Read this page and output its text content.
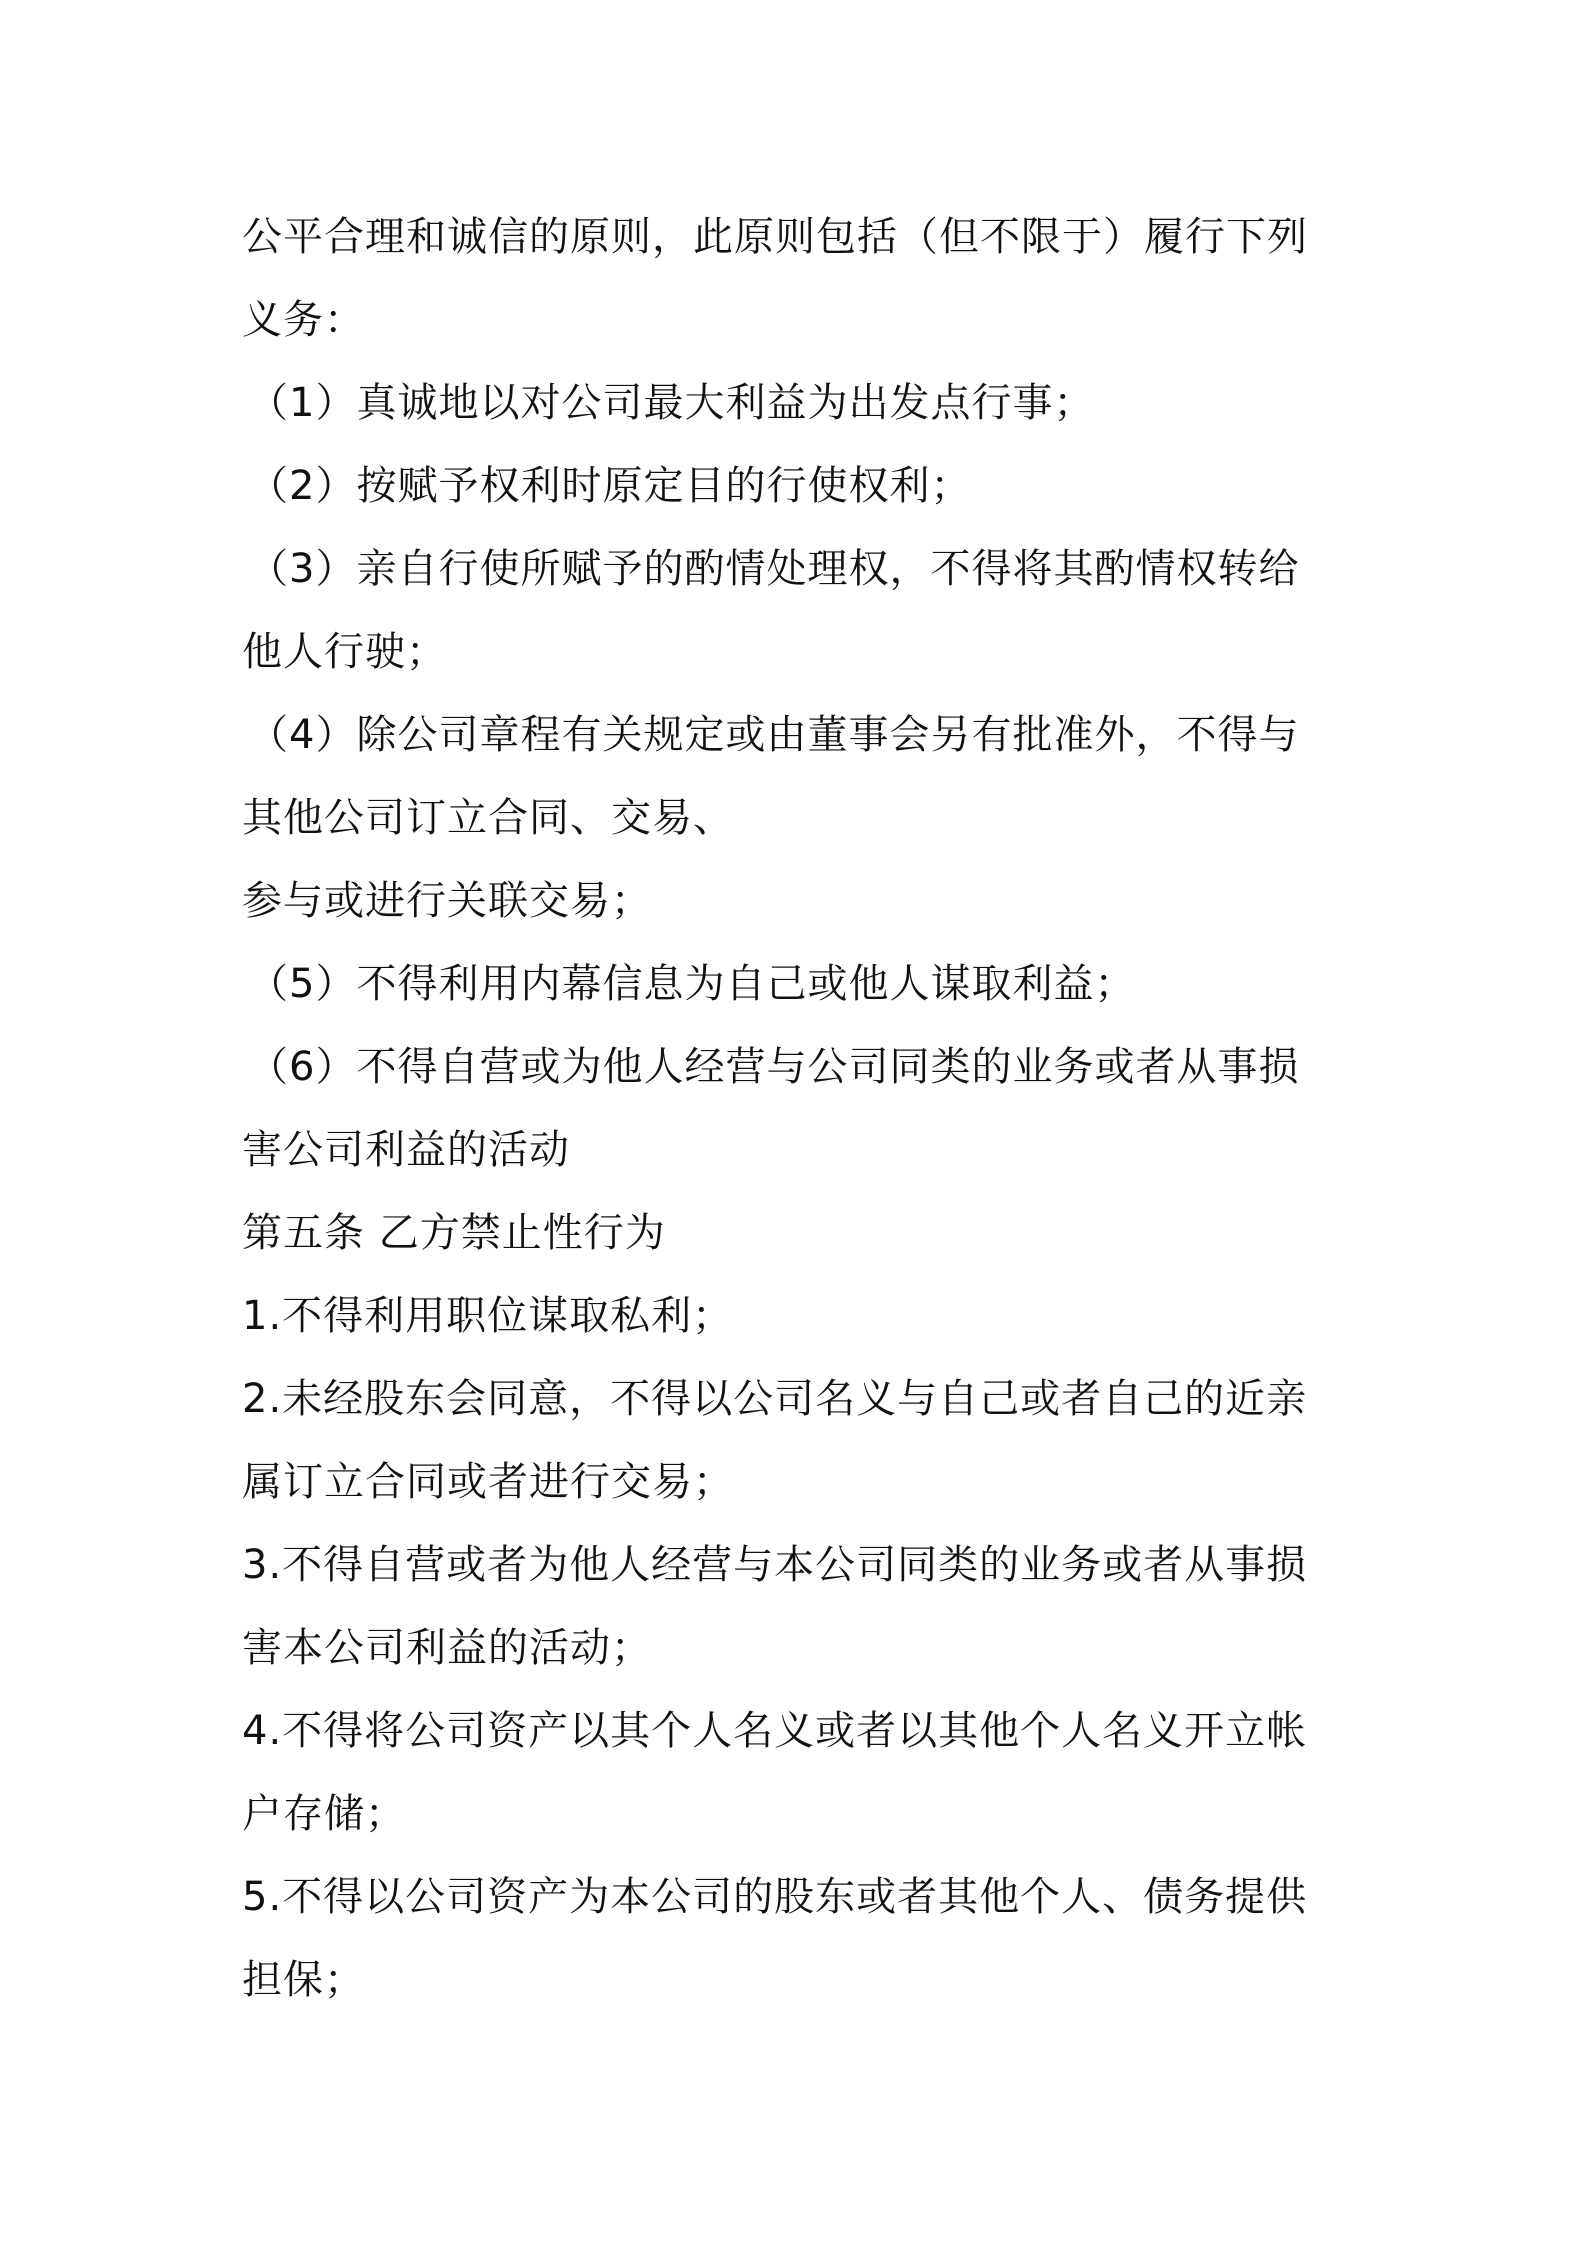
公平合理和诚信的原则，此原则包括（但不限于）履行下列
义务：
（1）真诚地以对公司最大利益为出发点行事；
（2）按赋予权利时原定目的行使权利；
（3）亲自行使所赋予的酌情处理权，不得将其酌情权转给
他人行驶；
（4）除公司章程有关规定或由董事会另有批准外，不得与
其他公司订立合同、交易、
参与或进行关联交易；
（5）不得利用内幕信息为自己或他人谋取利益；
（6）不得自营或为他人经营与公司同类的业务或者从事损
害公司利益的活动
第五条 乙方禁止性行为
1.不得利用职位谋取私利；
2.未经股东会同意，不得以公司名义与自己或者自己的近亲
属订立合同或者进行交易；
3.不得自营或者为他人经营与本公司同类的业务或者从事损
害本公司利益的活动；
4.不得将公司资产以其个人名义或者以其他个人名义开立帐
户存储；
5.不得以公司资产为本公司的股东或者其他个人、债务提供
担保；
